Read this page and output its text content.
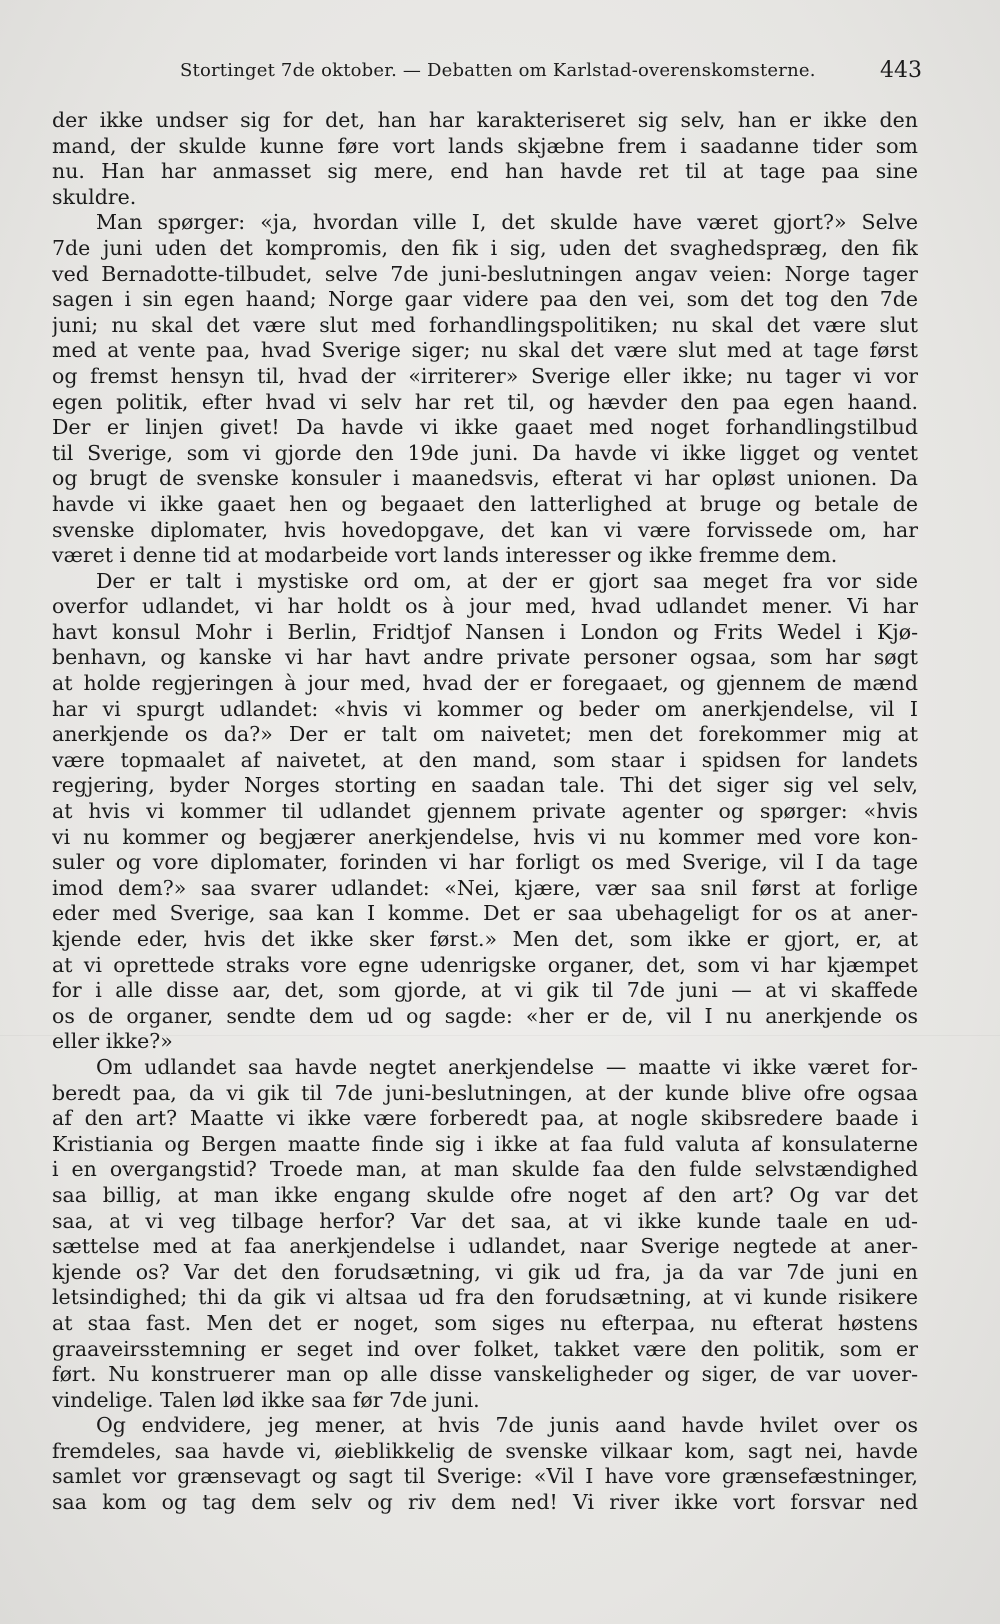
Stortinget 7de oktober. — Debatten om Karlstad-overenskomsterne.	443
der ikke undser sig for det, han har karakteriseret sig selv, han er ikke den
mand, der skulde kunne føre vort lands skjæbne frem i saadanne tider som
nu. Han har anmasset sig mere, end han havde ret til at tage paa sine
skuldre.
Man spørger: «ja, hvordan ville I, det skulde have været gjort?» Selve
7de juni uden det kompromis, den fik i sig, uden det svaghedspræg, den fik
ved Bernadotte-tilbudet, selve 7de juni-beslutningen angav veien: Norge tager
sagen i sin egen haand; Norge gaar videre paa den vei, som det tog den 7de
juni; nu skal det være slut med forhandlingspolitiken; nu skal det være slut
med at vente paa, hvad Sverige siger; nu skal det være slut med at tage først
og fremst hensyn til, hvad der «irriterer» Sverige eller ikke; nu tager vi vor
egen politik, efter hvad vi selv har ret til, og hævder den paa egen haand.
Der er linjen givet! Da havde vi ikke gaaet med noget forhandlingstilbud
til Sverige, som vi gjorde den 19de juni. Da havde vi ikke ligget og ventet
og brugt de svenske konsuler i maanedsvis, efterat vi har opløst unionen. Da
havde vi ikke gaaet hen og begaaet den latterlighed at bruge og betale de
svenske diplomater, hvis hovedopgave, det kan vi være forvissede om, har
været i denne tid at modarbeide vort lands interesser og ikke fremme dem.
Der er talt i mystiske ord om, at der er gjort saa meget fra vor side
overfor udlandet, vi har holdt os à jour med, hvad udlandet mener. Vi har
havt konsul Mohr i Berlin, Fridtjof Nansen i London og Frits Wedel i Kjø-
benhavn, og kanske vi har havt andre private personer ogsaa, som har søgt
at holde regjeringen à jour med, hvad der er foregaaet, og gjennem de mænd
har vi spurgt udlandet: «hvis vi kommer og beder om anerkjendelse, vil I
anerkjende os da?» Der er talt om naivetet; men det forekommer mig at
være topmaalet af naivetet, at den mand, som staar i spidsen for landets
regjering, byder Norges storting en saadan tale. Thi det siger sig vel selv,
at hvis vi kommer til udlandet gjennem private agenter og spørger: «hvis
vi nu kommer og begjærer anerkjendelse, hvis vi nu kommer med vore kon-
suler og vore diplomater, forinden vi har forligt os med Sverige, vil I da tage
imod dem?» saa svarer udlandet: «Nei, kjære, vær saa snil først at forlige
eder med Sverige, saa kan I komme. Det er saa ubehageligt for os at aner-
kjende eder, hvis det ikke sker først.» Men det, som ikke er gjort, er, at
at vi oprettede straks vore egne udenrigske organer, det, som vi har kjæmpet
for i alle disse aar, det, som gjorde, at vi gik til 7de juni — at vi skaffede
os de organer, sendte dem ud og sagde: «her er de, vil I nu anerkjende os
eller ikke?»
Om udlandet saa havde negtet anerkjendelse — maatte vi ikke været for-
beredt paa, da vi gik til 7de juni-beslutningen, at der kunde blive ofre ogsaa
af den art? Maatte vi ikke være forberedt paa, at nogle skibsredere baade i
Kristiania og Bergen maatte finde sig i ikke at faa fuld valuta af konsulaterne
i en overgangstid? Troede man, at man skulde faa den fulde selvstændighed
saa billig, at man ikke engang skulde ofre noget af den art? Og var det
saa, at vi veg tilbage herfor? Var det saa, at vi ikke kunde taale en ud-
sættelse med at faa anerkjendelse i udlandet, naar Sverige negtede at aner-
kjende os? Var det den forudsætning, vi gik ud fra, ja da var 7de juni en
letsindighed; thi da gik vi altsaa ud fra den forudsætning, at vi kunde risikere
at staa fast. Men det er noget, som siges nu efterpaa, nu efterat høstens
graaveirsstemning er seget ind over folket, takket være den politik, som er
ført. Nu konstruerer man op alle disse vanskeligheder og siger, de var uover-
vindelige. Talen lød ikke saa før 7de juni.
Og endvidere, jeg mener, at hvis 7de junis aand havde hvilet over os
fremdeles, saa havde vi, øieblikkelig de svenske vilkaar kom, sagt nei, havde
samlet vor grænsevagt og sagt til Sverige: «Vil I have vore grænsefæstninger,
saa kom og tag dem selv og riv dem ned! Vi river ikke vort forsvar ned
